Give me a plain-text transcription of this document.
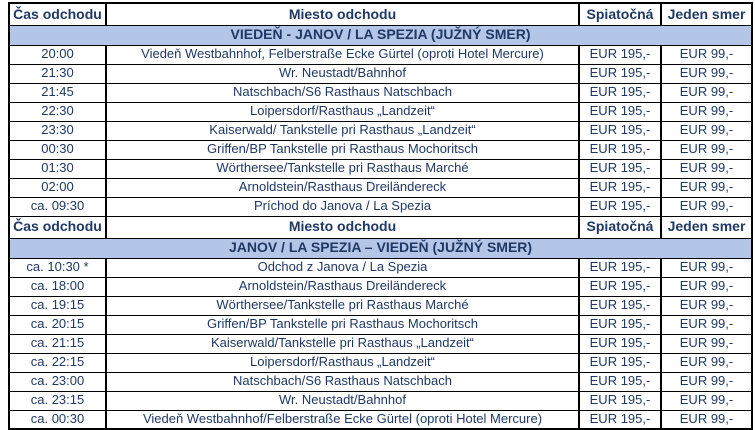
Čas odchodu	Miesto odchodu	Spiatočná	Jeden smer
VIEDEŇ - JANOV / LA SPEZIA (JUŽNÝ SMER)			
20:00	Viedeň Westbahnhof, Felberstraße Ecke Gürtel (oproti Hotel Mercure)	EUR 195,-	EUR 99,-
21:30	Wr. Neustadt/Bahnhof	EUR 195,-	EUR 99,-
21:45	Natschbach/S6 Rasthaus Natschbach	EUR 195,-	EUR 99,-
22:30	Loipersdorf/Rasthaus „Landzeit“	EUR 195,-	EUR 99,-
23:30	Kaiserwald/ Tankstelle pri Rasthaus „Landzeit“	EUR 195,-	EUR 99,-
00:30	Griffen/BP Tankstelle pri Rasthaus Mochoritsch	EUR 195,-	EUR 99,-
01:30	Wörthersee/Tankstelle pri Rasthaus Marché	EUR 195,-	EUR 99,-
02:00	Arnoldstein/Rasthaus Dreiländereck	EUR 195,-	EUR 99,-
ca. 09:30	Príchod do Janova / La Spezia	EUR 195,-	EUR 99,-
Čas odchodu	Miesto odchodu	Spiatočná	Jeden smer
JANOV / LA SPEZIA – VIEDEŇ (JUŽNÝ SMER)			
ca. 10:30 *	Odchod z Janova / La Spezia	EUR 195,-	EUR 99,-
ca. 18:00	Arnoldstein/Rasthaus Dreiländereck	EUR 195,-	EUR 99,-
ca. 19:15	Wörthersee/Tankstelle pri Rasthaus Marché	EUR 195,-	EUR 99,-
ca. 20:15	Griffen/BP Tankstelle pri Rasthaus Mochoritsch	EUR 195,-	EUR 99,-
ca. 21:15	Kaiserwald/Tankstelle pri Rasthaus „Landzeit“	EUR 195,-	EUR 99,-
ca. 22:15	Loipersdorf/Rasthaus „Landzeit“	EUR 195,-	EUR 99,-
ca. 23:00	Natschbach/S6 Rasthaus Natschbach	EUR 195,-	EUR 99,-
ca. 23:15	Wr. Neustadt/Bahnhof	EUR 195,-	EUR 99,-
ca. 00:30	Viedeň Westbahnhof/Felberstraße Ecke Gürtel (oproti Hotel Mercure)	EUR 195,-	EUR 99,-
